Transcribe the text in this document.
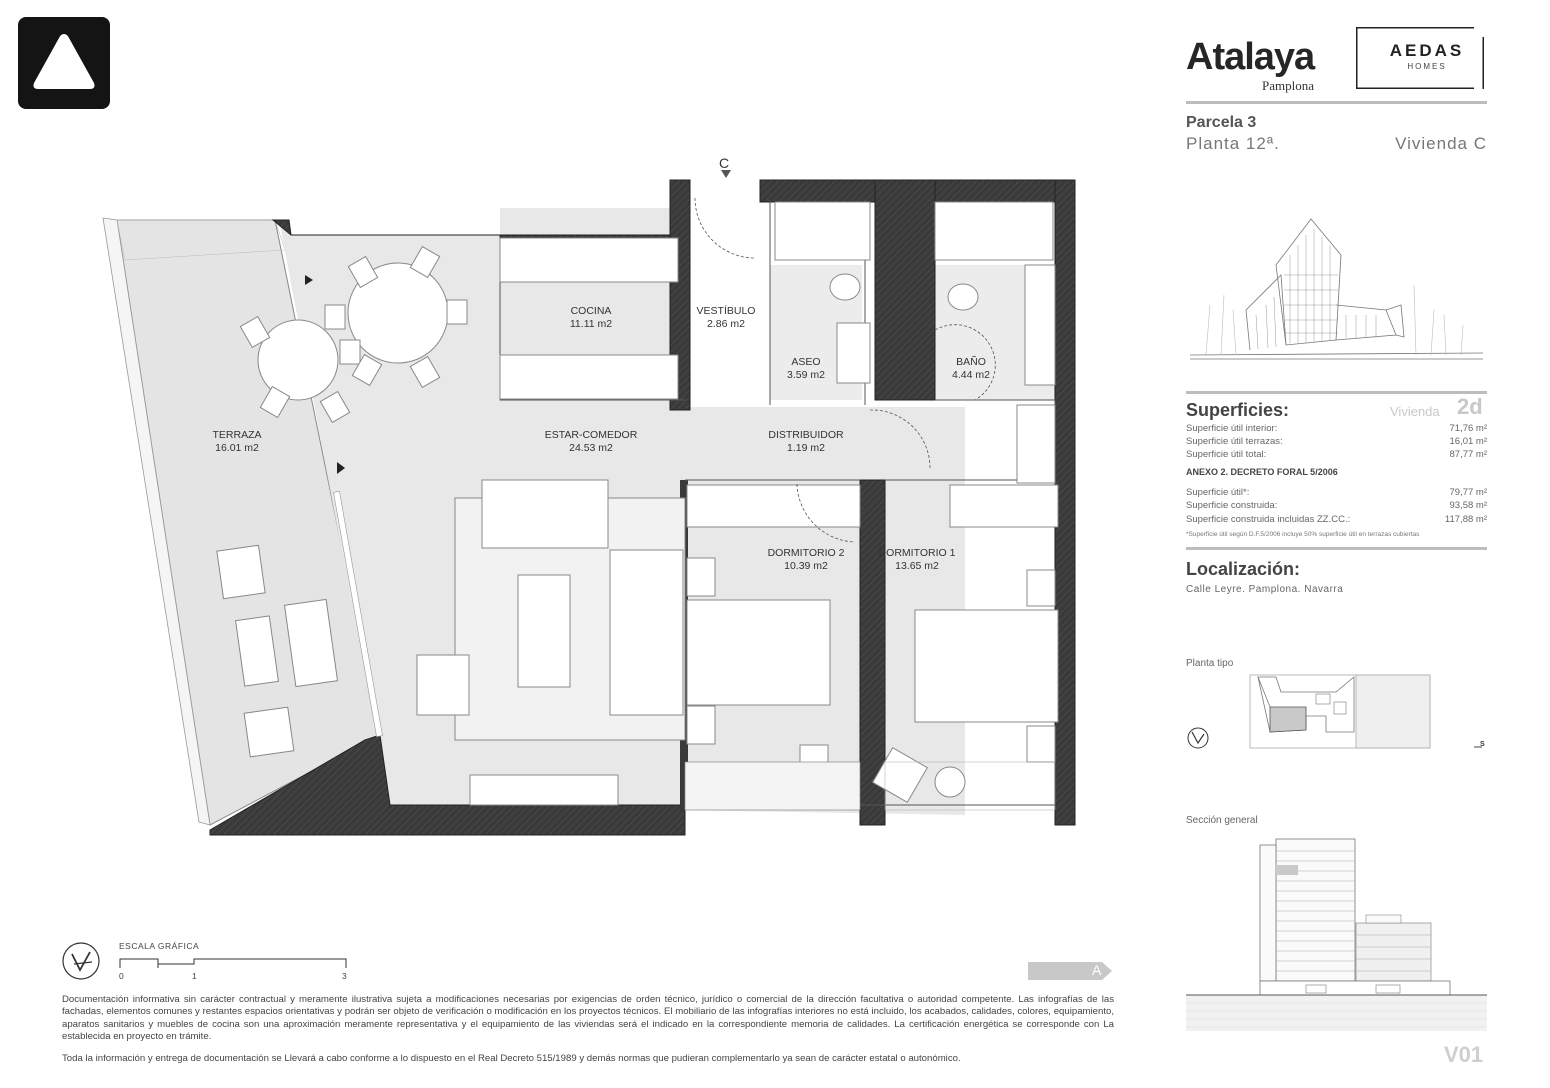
Atalaya
Pamplona
AEDAS
HOMES
Parcela 3
Planta 12ª.	Vivienda C
Superficies:	Vivienda 2d
Superficie útil interior:	71,76 m²
Superficie útil terrazas:	16,01 m²
Superficie útil total:	87,77 m²
ANEXO 2. DECRETO FORAL 5/2006
Superficie útil*:	79,77 m²
Superficie construida:	93,58 m²
Superficie construida incluidas ZZ.CC.:	117,88 m²
*Superficie útil según D.F.5/2006 incluye 50% superficie útil en terrazas cubiertas
Localización:
Calle Leyre. Pamplona. Navarra
Planta tipo
S
Sección general
V01
C
A
TERRAZA
16.01 m2
COCINA
11.11 m2
VESTÍBULO
2.86 m2
ASEO
3.59 m2
BAÑO
4.44 m2
ESTAR-COMEDOR
24.53 m2
DISTRIBUIDOR
1.19 m2
DORMITORIO 2
10.39 m2
DORMITORIO 1
13.65 m2
ESCALA GRÁFICA
0	1	3
Documentación informativa sin carácter contractual y meramente ilustrativa sujeta a modificaciones necesarias por exigencias de orden técnico, jurídico o comercial de la dirección facultativa o autoridad competente. Las infografías de las fachadas, elementos comunes y restantes espacios orientativas y podrán ser objeto de verificación o modificación en los proyectos técnicos. El mobiliario de las infografías interiores no está incluido, los acabados, calidades, colores, equipamiento, aparatos sanitarios y muebles de cocina son una aproximación meramente representativa y el equipamiento de las viviendas será el indicado en la correspondiente memoria de calidades. La certificación energética se corresponde con La establecida en proyecto en trámite.
Toda la información y entrega de documentación se Llevará a cabo conforme a lo dispuesto en el Real Decreto 515/1989 y demás normas que pudieran complementarlo ya sean de carácter estatal o autonómico.
